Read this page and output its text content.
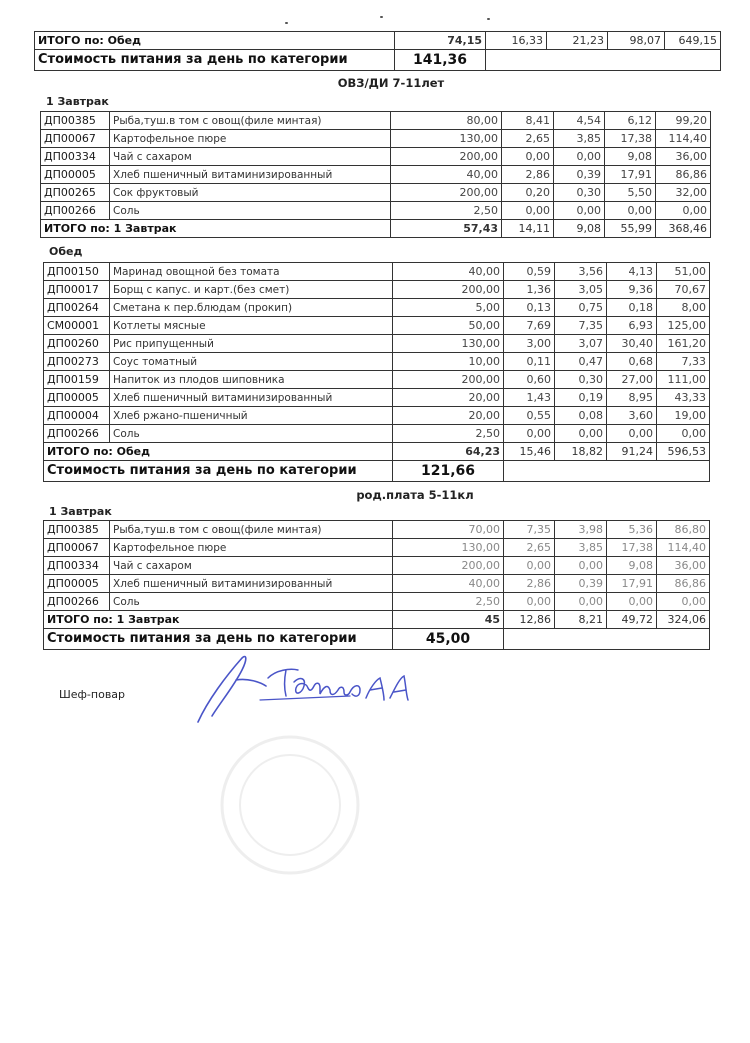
ИТОГО по: Обед	74,15	16,33	21,23	98,07	649,15
Стоимость питания за день по категории	141,36				
ОВЗ/ДИ 7-11лет
1 Завтрак
ДП00385	Рыба,туш.в том с овощ(филе минтая)	80,00	8,41	4,54	6,12	99,20
ДП00067	Картофельное пюре	130,00	2,65	3,85	17,38	114,40
ДП00334	Чай с сахаром	200,00	0,00	0,00	9,08	36,00
ДП00005	Хлеб пшеничный витаминизированный	40,00	2,86	0,39	17,91	86,86
ДП00265	Сок фруктовый	200,00	0,20	0,30	5,50	32,00
ДП00266	Соль	2,50	0,00	0,00	0,00	0,00
ИТОГО по: 1 Завтрак		57,43	14,11	9,08	55,99	368,46
Обед
ДП00150	Маринад овощной без томата	40,00	0,59	3,56	4,13	51,00
ДП00017	Борщ с капус. и карт.(без смет)	200,00	1,36	3,05	9,36	70,67
ДП00264	Сметана к пер.блюдам (прокип)	5,00	0,13	0,75	0,18	8,00
СМ00001	Котлеты мясные	50,00	7,69	7,35	6,93	125,00
ДП00260	Рис припущенный	130,00	3,00	3,07	30,40	161,20
ДП00273	Соус томатный	10,00	0,11	0,47	0,68	7,33
ДП00159	Напиток из плодов шиповника	200,00	0,60	0,30	27,00	111,00
ДП00005	Хлеб пшеничный витаминизированный	20,00	1,43	0,19	8,95	43,33
ДП00004	Хлеб ржано-пшеничный	20,00	0,55	0,08	3,60	19,00
ДП00266	Соль	2,50	0,00	0,00	0,00	0,00
ИТОГО по: Обед		64,23	15,46	18,82	91,24	596,53
Стоимость питания за день по категории		121,66				
род.плата 5-11кл
1 Завтрак
ДП00385	Рыба,туш.в том с овощ(филе минтая)	70,00	7,35	3,98	5,36	86,80
ДП00067	Картофельное пюре	130,00	2,65	3,85	17,38	114,40
ДП00334	Чай с сахаром	200,00	0,00	0,00	9,08	36,00
ДП00005	Хлеб пшеничный витаминизированный	40,00	2,86	0,39	17,91	86,86
ДП00266	Соль	2,50	0,00	0,00	0,00	0,00
ИТОГО по: 1 Завтрак		45	12,86	8,21	49,72	324,06
Стоимость питания за день по категории		45,00				
Шеф-повар
